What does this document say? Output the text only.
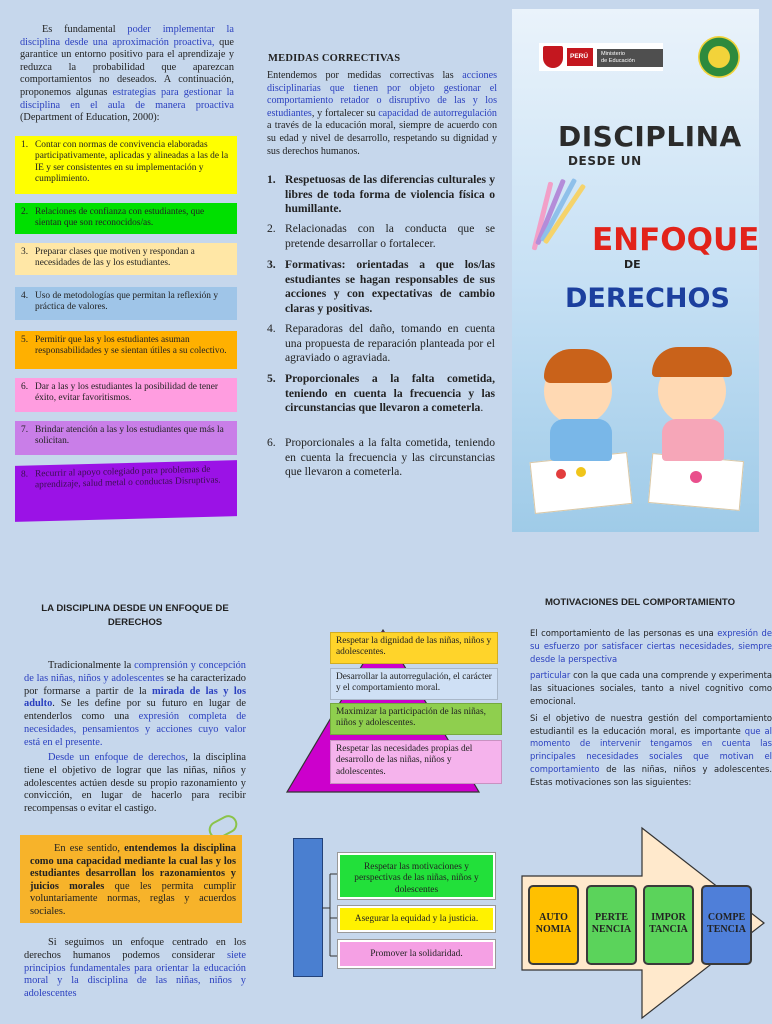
Es fundamental poder implementar la disciplina desde una aproximación proactiva, que garantice un entorno positivo para el aprendizaje y reduzca la probabilidad que aparezcan comportamientos no deseados. A continuación, proponemos algunas estrategias para gestionar la disciplina en el aula de manera proactiva (Department of Education, 2000):

1. Contar con normas de convivencia elaboradas participativamente, aplicadas y alineadas a las de la IE y ser consistentes en su implementación y cumplimiento.
2. Relaciones de confianza con estudiantes, que sientan que son reconocidos/as.
3. Preparar clases que motiven y respondan a necesidades de las y los estudiantes.
4. Uso de metodologías que permitan la reflexión y práctica de valores.
5. Permitir que las y los estudiantes asuman responsabilidades y se sientan útiles a su colectivo.
6. Dar a las y los estudiantes la posibilidad de tener éxito, evitar favoritismos.
7. Brindar atención a las y los estudiantes que más la solicitan.
8. Recurrir al apoyo colegiado para problemas de aprendizaje, salud metal o conductas Disruptivas.
MEDIDAS CORRECTIVAS

Entendemos por medidas correctivas las acciones disciplinarias que tienen por objeto gestionar el comportamiento retador o disruptivo de las y los estudiantes, y fortalecer su capacidad de autorregulación a través de la educación moral, siempre de acuerdo con su edad y nivel de desarrollo, respetando su dignidad y sus derechos humanos.

1. Respetuosas de las diferencias culturales y libres de toda forma de violencia física o humillante.
2. Relacionadas con la conducta que se pretende desarrollar o fortalecer.
3. Formativas: orientadas a que los/las estudiantes se hagan responsables de sus acciones y con expectativas de cambio claras y positivas.
4. Reparadoras del daño, tomando en cuenta una propuesta de reparación planteada por el agraviado o agraviada.
5. Proporcionales a la falta cometida, teniendo en cuenta la frecuencia y las circunstancias que llevaron a cometerla.
6. Proporcionales a la falta cometida, teniendo en cuenta la frecuencia y las circunstancias que llevaron a cometerla.
PERÚ	Ministerio
de Educación
DISCIPLINA
DESDE UN
ENFOQUE
DE
DERECHOS
LA DISCIPLINA DESDE UN ENFOQUE DE DERECHOS

Tradicionalmente la comprensión y concepción de las niñas, niños y adolescentes se ha caracterizado por formarse a partir de la mirada de las y los adulto. Se les define por su futuro en lugar de entenderlos como una expresión completa de necesidades, pensamientos y acciones cuyo valor está en el presente.

Desde un enfoque de derechos, la disciplina tiene el objetivo de lograr que las niñas, niños y adolescentes actúen desde su propio razonamiento y convicción, en lugar de hacerlo para recibir recompensas o evitar el castigo.

En ese sentido, entendemos la disciplina como una capacidad mediante la cual las y los estudiantes desarrollan los razonamientos y juicios morales que les permita cumplir voluntariamente normas, reglas y acuerdos sociales.

Si seguimos un enfoque centrado en los derechos humanos podemos considerar siete principios fundamentales para orientar la educación moral y la disciplina de las niñas, niños y adolescentes

Respetar la dignidad de las niñas, niños y adolescentes.
Desarrollar la autorregulación, el carácter y el comportamiento moral.
Maximizar la participación de las niñas, niños y adolescentes.
Respetar las necesidades propias del desarrollo de las niñas, niños y adolescentes.
Respetar las motivaciones y perspectivas de las niñas, niños y dolescentes
Asegurar la equidad y la justicia.
Promover la solidaridad.
MOTIVACIONES DEL COMPORTAMIENTO

El comportamiento de las personas es una expresión de su esfuerzo por satisfacer ciertas necesidades, siempre desde la perspectiva

particular con la que cada una comprende y experimenta las situaciones sociales, tanto a nivel cognitivo como emocional.

Si el objetivo de nuestra gestión del comportamiento estudiantil es la educación moral, es importante que al momento de intervenir tengamos en cuenta las principales necesidades sociales que motivan el comportamiento de las niñas, niños y adolescentes. Estas motivaciones son las siguientes:

AUTO
NOMIA
PERTE
NENCIA
IMPOR
TANCIA
COMPE
TENCIA
